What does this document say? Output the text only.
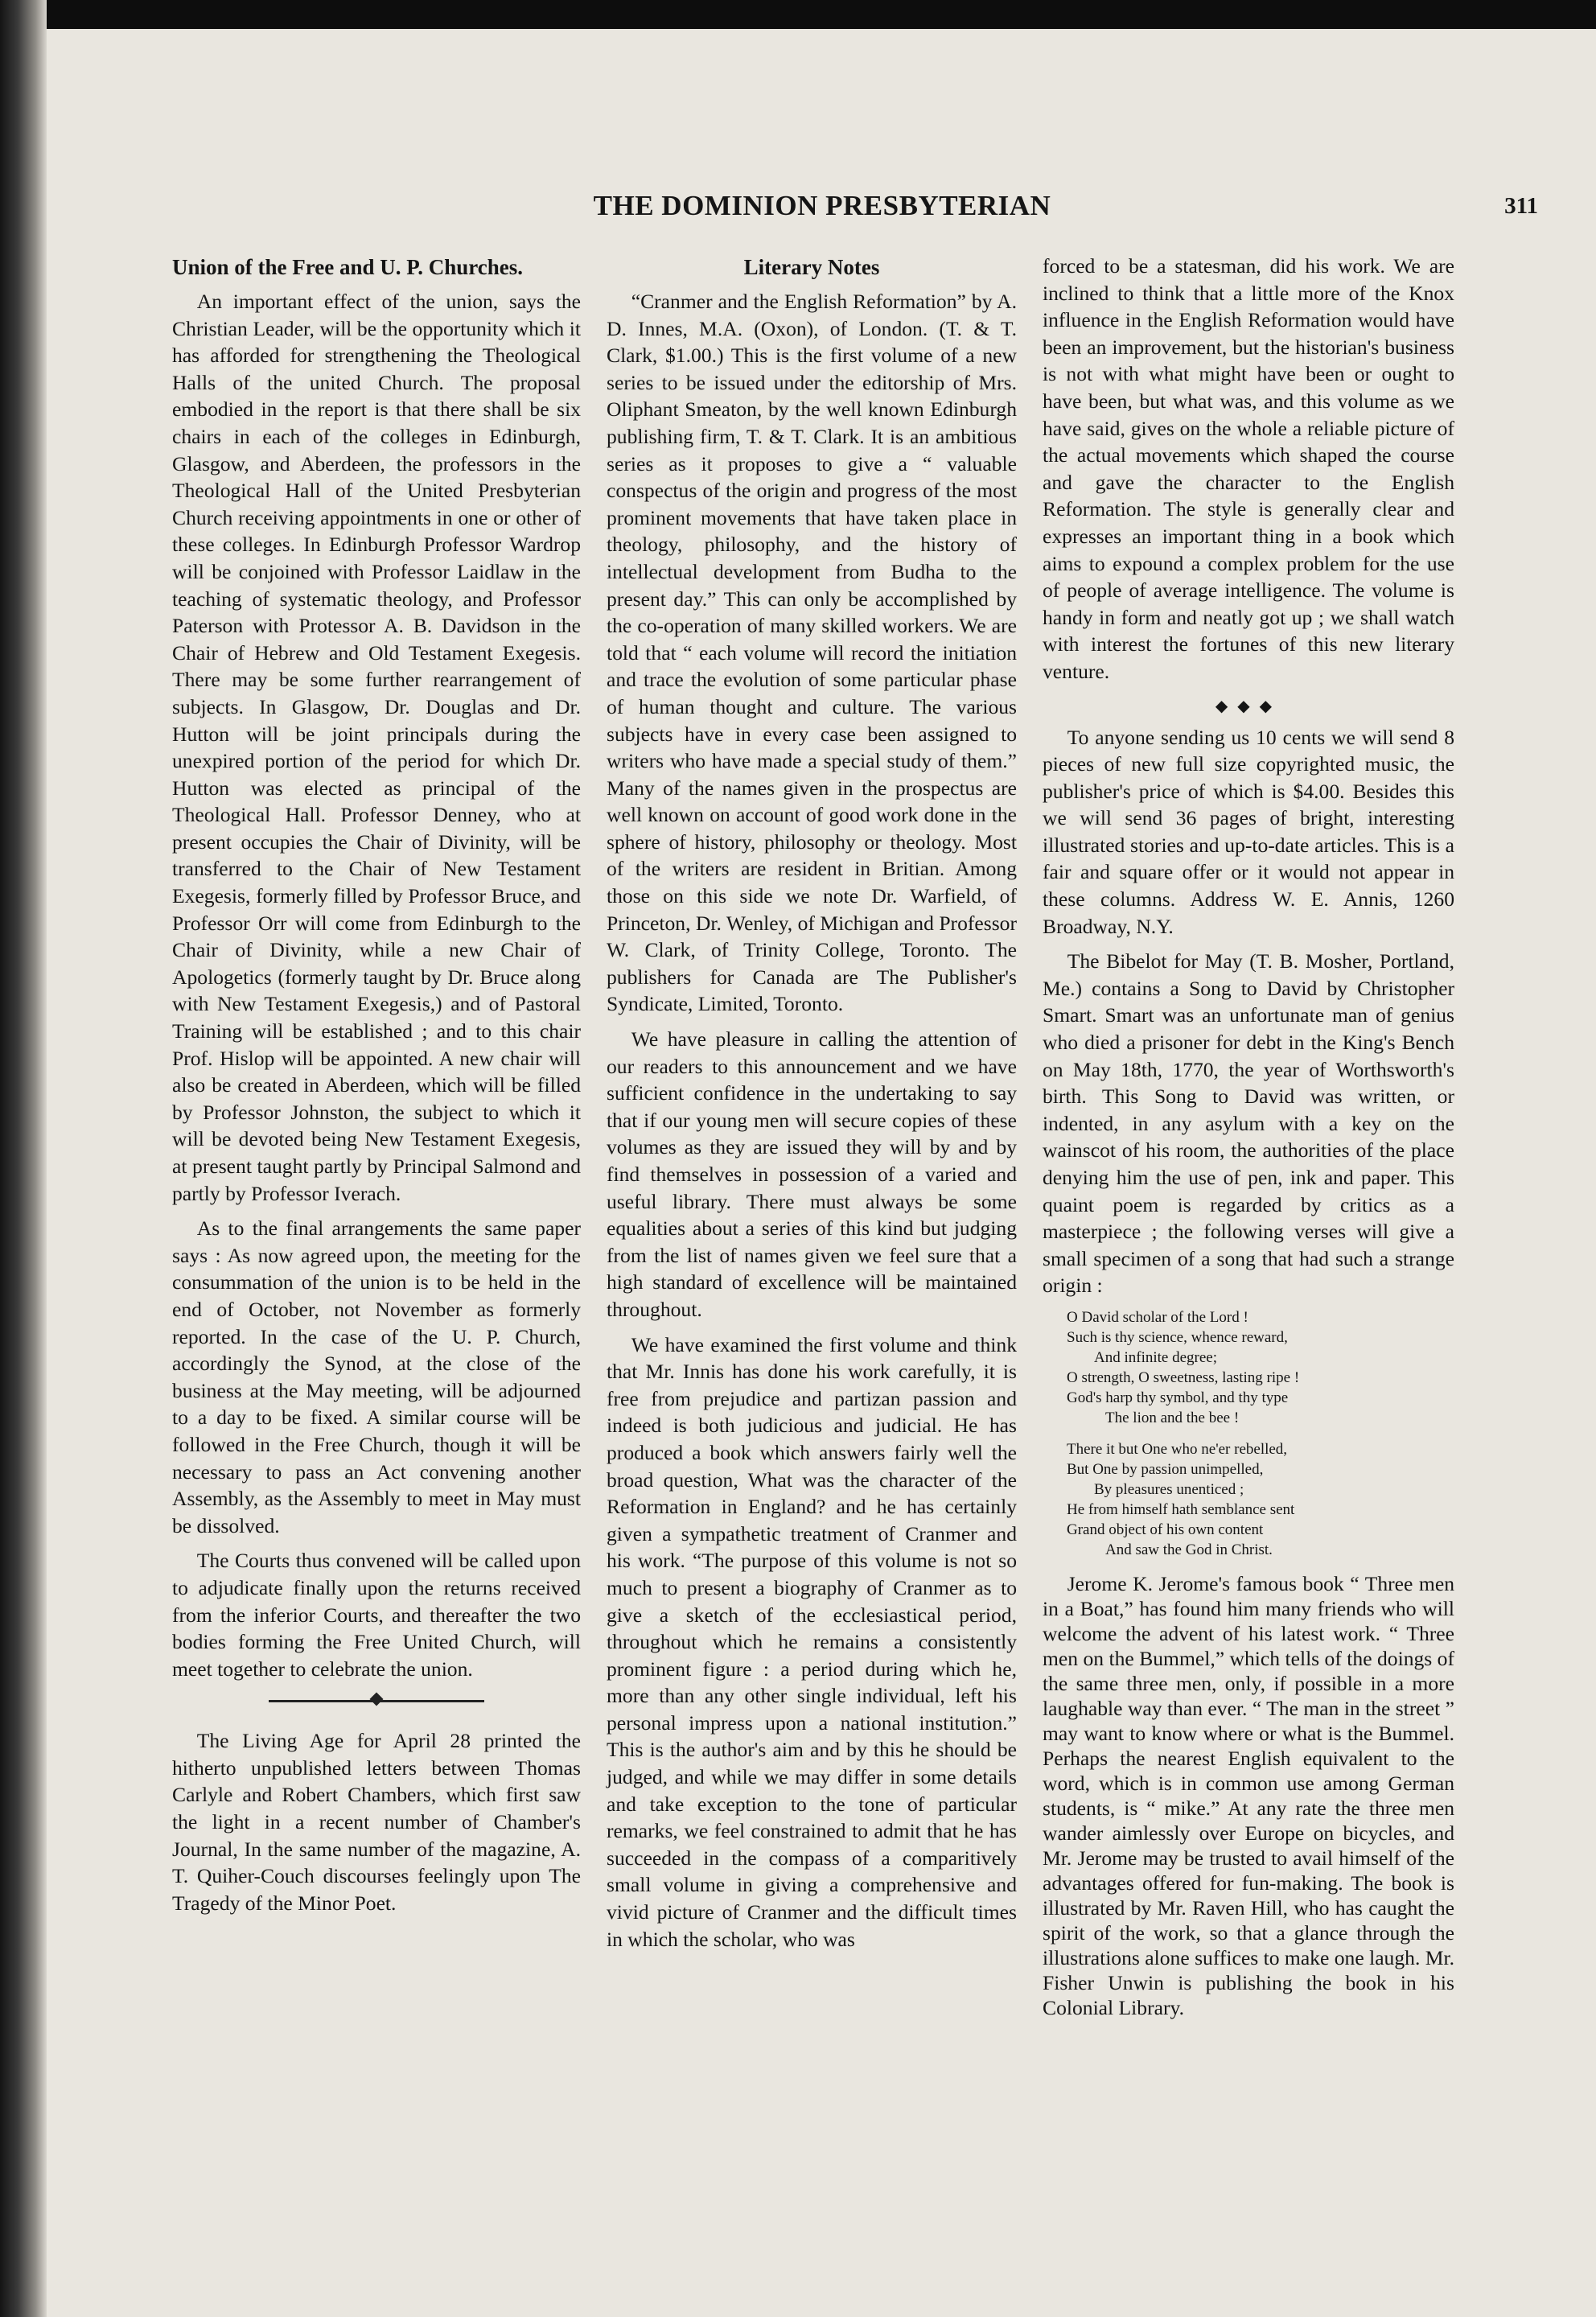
THE DOMINION PRESBYTERIAN	311
Union of the Free and U. P. Churches.

An important effect of the union, says the Christian Leader, will be the opportunity which it has afforded for strengthening the Theological Halls of the united Church. The proposal embodied in the report is that there shall be six chairs in each of the colleges in Edinburgh, Glasgow, and Aberdeen, the professors in the Theological Hall of the United Presbyterian Church receiving appointments in one or other of these colleges. In Edinburgh Professor Wardrop will be conjoined with Professor Laidlaw in the teaching of systematic theology, and Professor Paterson with Protessor A. B. Davidson in the Chair of Hebrew and Old Testament Exegesis. There may be some further rearrangement of subjects. In Glasgow, Dr. Douglas and Dr. Hutton will be joint principals during the unexpired portion of the period for which Dr. Hutton was elected as principal of the Theological Hall. Professor Denney, who at present occupies the Chair of Divinity, will be transferred to the Chair of New Testament Exegesis, formerly filled by Professor Bruce, and Professor Orr will come from Edinburgh to the Chair of Divinity, while a new Chair of Apologetics (formerly taught by Dr. Bruce along with New Testament Exegesis,) and of Pastoral Training will be established ; and to this chair Prof. Hislop will be appointed. A new chair will also be created in Aberdeen, which will be filled by Professor Johnston, the subject to which it will be devoted being New Testament Exegesis, at present taught partly by Principal Salmond and partly by Professor Iverach.

As to the final arrangements the same paper says : As now agreed upon, the meeting for the consummation of the union is to be held in the end of October, not November as formerly reported. In the case of the U. P. Church, accordingly the Synod, at the close of the business at the May meeting, will be adjourned to a day to be fixed. A similar course will be followed in the Free Church, though it will be necessary to pass an Act convening another Assembly, as the Assembly to meet in May must be dissolved.

The Courts thus convened will be called upon to adjudicate finally upon the returns received from the inferior Courts, and thereafter the two bodies forming the Free United Church, will meet together to celebrate the union.

The Living Age for April 28 printed the hitherto unpublished letters between Thomas Carlyle and Robert Chambers, which first saw the light in a recent number of Chamber's Journal, In the same number of the magazine, A. T. Quiher-Couch discourses feelingly upon The Tragedy of the Minor Poet.

Literary Notes

“Cranmer and the English Reformation” by A. D. Innes, M.A. (Oxon), of London. (T. & T. Clark, $1.00.) This is the first volume of a new series to be issued under the editorship of Mrs. Oliphant Smeaton, by the well known Edinburgh publishing firm, T. & T. Clark. It is an ambitious series as it proposes to give a “ valuable conspectus of the origin and progress of the most prominent movements that have taken place in theology, philosophy, and the history of intellectual development from Budha to the present day.” This can only be accomplished by the co-operation of many skilled workers. We are told that “ each volume will record the initiation and trace the evolution of some particular phase of human thought and culture. The various subjects have in every case been assigned to writers who have made a special study of them.” Many of the names given in the prospectus are well known on account of good work done in the sphere of history, philosophy or theology. Most of the writers are resident in Britian. Among those on this side we note Dr. Warfield, of Princeton, Dr. Wenley, of Michigan and Professor W. Clark, of Trinity College, Toronto. The publishers for Canada are The Publisher's Syndicate, Limited, Toronto.

We have pleasure in calling the attention of our readers to this announcement and we have sufficient confidence in the undertaking to say that if our young men will secure copies of these volumes as they are issued they will by and by find themselves in possession of a varied and useful library. There must always be some equalities about a series of this kind but judging from the list of names given we feel sure that a high standard of excellence will be maintained throughout.

We have examined the first volume and think that Mr. Innis has done his work carefully, it is free from prejudice and partizan passion and indeed is both judicious and judicial. He has produced a book which answers fairly well the broad question, What was the character of the Reformation in England? and he has certainly given a sympathetic treatment of Cranmer and his work. “The purpose of this volume is not so much to present a biography of Cranmer as to give a sketch of the ecclesiastical period, throughout which he remains a consistently prominent figure : a period during which he, more than any other single individual, left his personal impress upon a national institution.” This is the author's aim and by this he should be judged, and while we may differ in some details and take exception to the tone of particular remarks, we feel constrained to admit that he has succeeded in the compass of a comparitively small volume in giving a comprehensive and vivid picture of Cranmer and the difficult times in which the scholar, who was

forced to be a statesman, did his work. We are inclined to think that a little more of the Knox influence in the English Reformation would have been an improvement, but the historian's business is not with what might have been or ought to have been, but what was, and this volume as we have said, gives on the whole a reliable picture of the actual movements which shaped the course and gave the character to the English Reformation. The style is generally clear and expresses an important thing in a book which aims to expound a complex problem for the use of people of average intelligence. The volume is handy in form and neatly got up ; we shall watch with interest the fortunes of this new literary venture.

◆◆◆

To anyone sending us 10 cents we will send 8 pieces of new full size copyrighted music, the publisher's price of which is $4.00. Besides this we will send 36 pages of bright, interesting illustrated stories and up-to-date articles. This is a fair and square offer or it would not appear in these columns. Address W. E. Annis, 1260 Broadway, N.Y.

The Bibelot for May (T. B. Mosher, Portland, Me.) contains a Song to David by Christopher Smart. Smart was an unfortunate man of genius who died a prisoner for debt in the King's Bench on May 18th, 1770, the year of Worthsworth's birth. This Song to David was written, or indented, in any asylum with a key on the wainscot of his room, the authorities of the place denying him the use of pen, ink and paper. This quaint poem is regarded by critics as a masterpiece ; the following verses will give a small specimen of a song that had such a strange origin :

O David scholar of the Lord !
Such is thy science, whence reward,
And infinite degree;
O strength, O sweetness, lasting ripe !
God's harp thy symbol, and thy type
The lion and the bee !
There it but One who ne'er rebelled,
But One by passion unimpelled,
By pleasures unenticed ;
He from himself hath semblance sent
Grand object of his own content
And saw the God in Christ.

Jerome K. Jerome's famous book “ Three men in a Boat,” has found him many friends who will welcome the advent of his latest work. “ Three men on the Bummel,” which tells of the doings of the same three men, only, if possible in a more laughable way than ever. “ The man in the street ” may want to know where or what is the Bummel. Perhaps the nearest English equivalent to the word, which is in common use among German students, is “ mike.” At any rate the three men wander aimlessly over Europe on bicycles, and Mr. Jerome may be trusted to avail himself of the advantages offered for fun-making. The book is illustrated by Mr. Raven Hill, who has caught the spirit of the work, so that a glance through the illustrations alone suffices to make one laugh. Mr. Fisher Unwin is publishing the book in his Colonial Library.
